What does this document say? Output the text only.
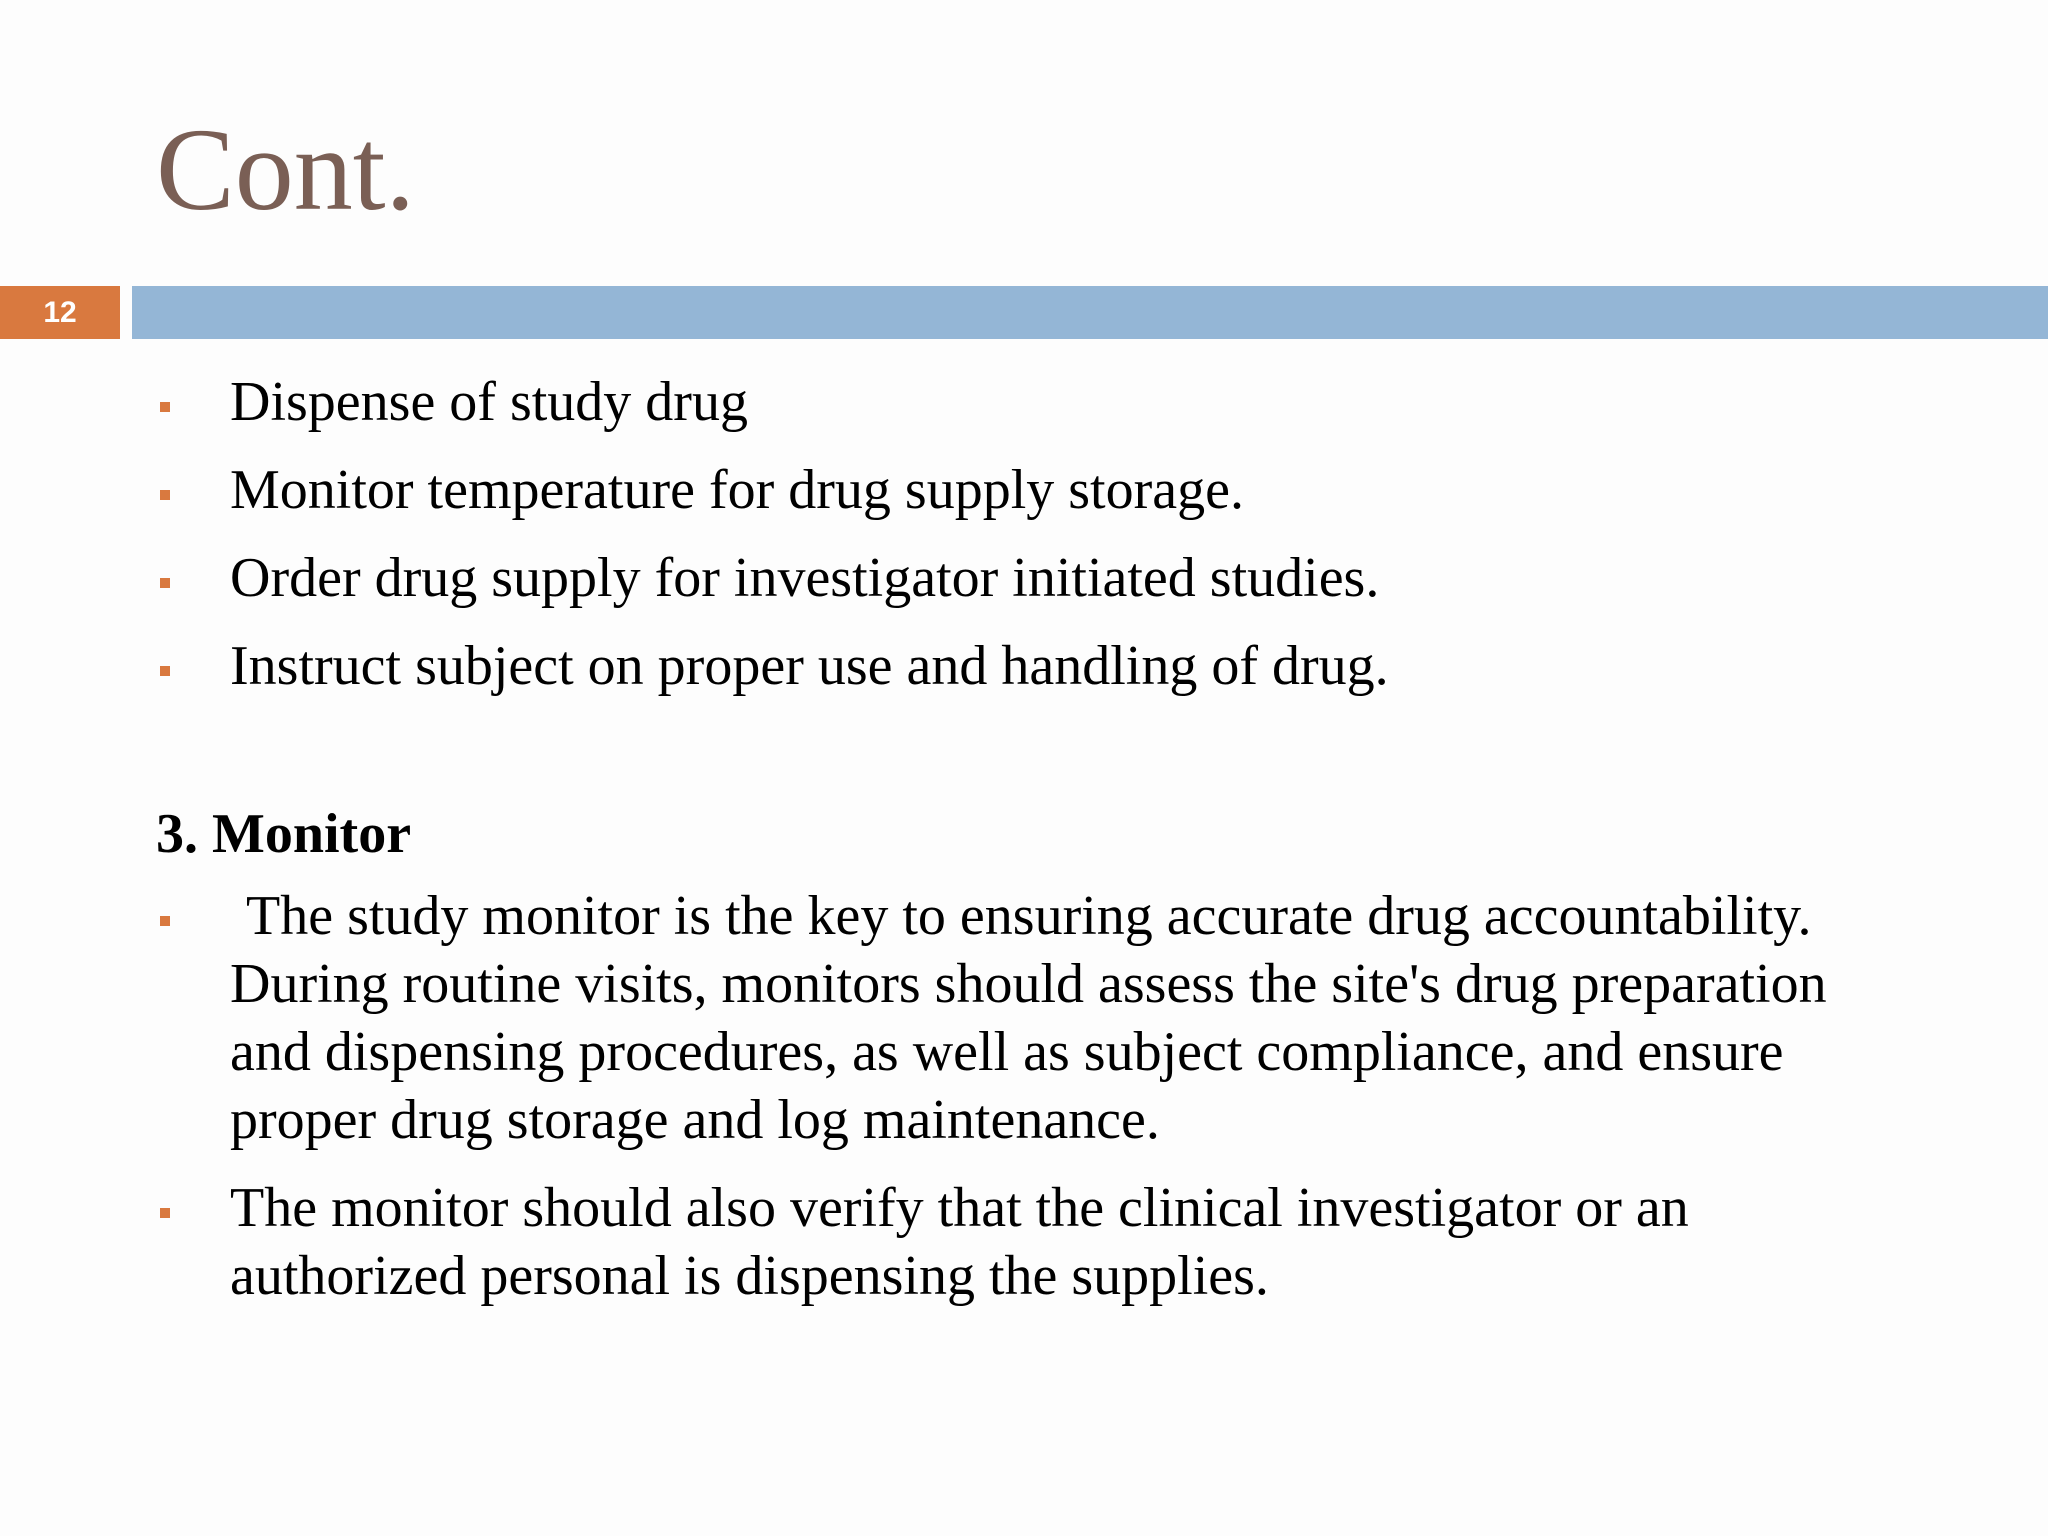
Cont.
12
Dispense of study drug
Monitor temperature for drug supply storage.
Order drug supply for investigator initiated studies.
Instruct subject on proper use and handling of drug.
3. Monitor
The study monitor is the key to ensuring accurate drug accountability. During routine visits, monitors should assess the site's drug preparation and dispensing procedures, as well as subject compliance, and ensure proper drug storage and log maintenance.
The monitor should also verify that the clinical investigator or an authorized personal is dispensing the supplies.
